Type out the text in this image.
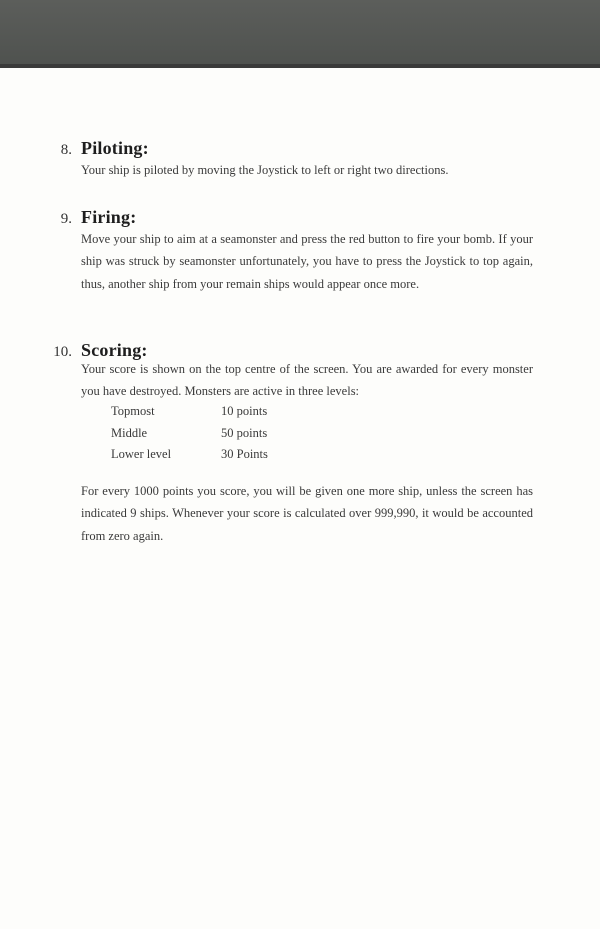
8. Piloting:

Your ship is piloted by moving the Joystick to left or right two directions.

9. Firing:

Move your ship to aim at a seamonster and press the red button to fire your bomb. If your ship was struck by seamonster unfortunately, you have to press the Joystick to top again, thus, another ship from your remain ships would appear once more.

10. Scoring:

Your score is shown on the top centre of the screen. You are awarded for every monster you have destroyed. Monsters are active in three levels:

Topmost	10 points
Middle	50 points
Lower level	30 Points

For every 1000 points you score, you will be given one more ship, unless the screen has indicated 9 ships. Whenever your score is calculated over 999,990, it would be accounted from zero again.
